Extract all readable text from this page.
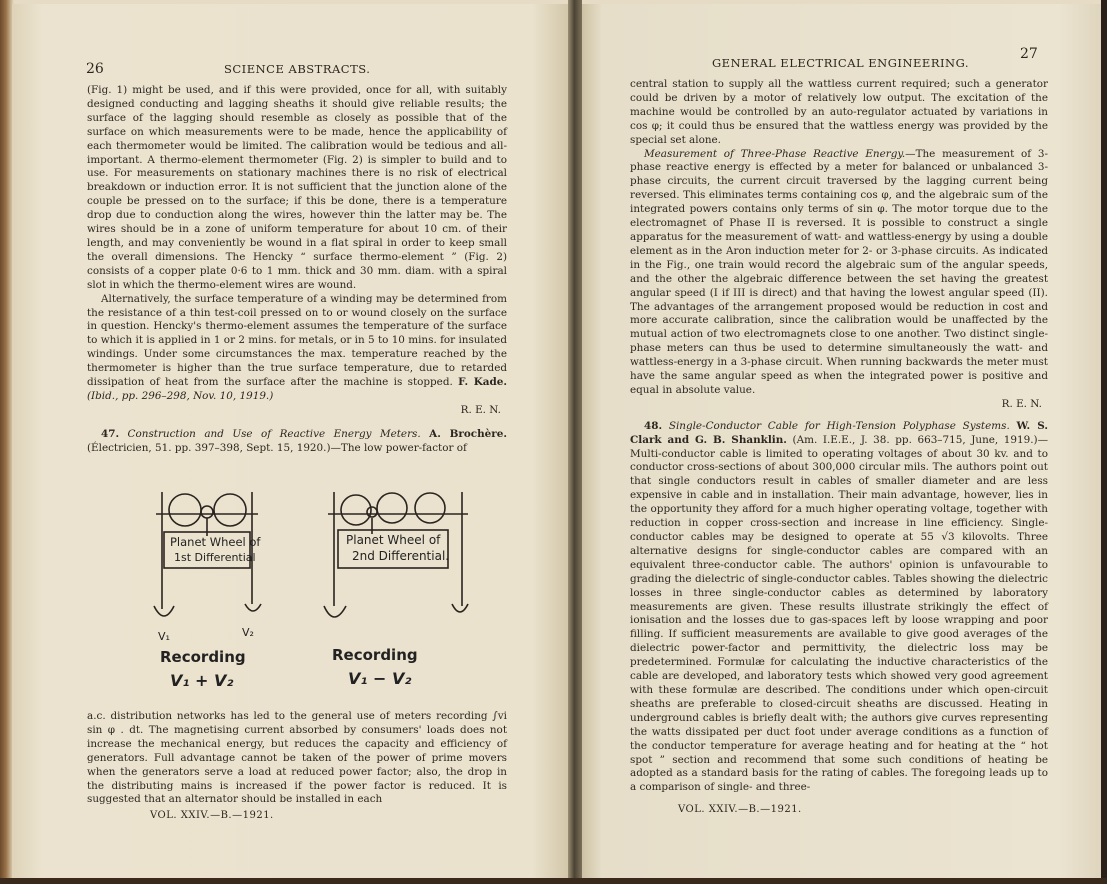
26	SCIENCE ABSTRACTS.

(Fig. 1) might be used, and if this were provided, once for all, with suitably designed conducting and lagging sheaths it should give reliable results; the surface of the lagging should resemble as closely as possible that of the surface on which measurements were to be made, hence the applicability of each thermometer would be limited. The calibration would be tedious and all-important. A thermo-element thermometer (Fig. 2) is simpler to build and to use. For measurements on stationary machines there is no risk of electrical breakdown or induction error. It is not sufficient that the junction alone of the couple be pressed on to the surface; if this be done, there is a temperature drop due to conduction along the wires, however thin the latter may be. The wires should be in a zone of uniform temperature for about 10 cm. of their length, and may conveniently be wound in a flat spiral in order to keep small the overall dimensions. The Hencky “ surface thermo-element ” (Fig. 2) consists of a copper plate 0·6 to 1 mm. thick and 30 mm. diam. with a spiral slot in which the thermo-element wires are wound.

Alternatively, the surface temperature of a winding may be determined from the resistance of a thin test-coil pressed on to or wound closely on the surface in question. Hencky's thermo-element assumes the temperature of the surface to which it is applied in 1 or 2 mins. for metals, or in 5 to 10 mins. for insulated windings. Under some circumstances the max. temperature reached by the thermometer is higher than the true surface temperature, due to retarded dissipation of heat from the surface after the machine is stopped. F. Kade. (Ibid., pp. 296–298, Nov. 10, 1919.)

R. E. N.

47. Construction and Use of Reactive Energy Meters. A. Brochère. (Électricien, 51. pp. 397–398, Sept. 15, 1920.)—The low power-factor of

Planet Wheel of
1st Differential
Planet Wheel of
2nd Differential.
V₁	V₂
Recording
V₁ + V₂
Recording
V₁ − V₂

a.c. distribution networks has led to the general use of meters recording ∫vi sin φ . dt. The magnetising current absorbed by consumers' loads does not increase the mechanical energy, but reduces the capacity and efficiency of generators. Full advantage cannot be taken of the power of prime movers when the generators serve a load at reduced power factor; also, the drop in the distributing mains is increased if the power factor is reduced. It is suggested that an alternator should be installed in each

VOL. XXIV.—B.—1921.
GENERAL ELECTRICAL ENGINEERING.
27

central station to supply all the wattless current required; such a generator could be driven by a motor of relatively low output. The excitation of the machine would be controlled by an auto-regulator actuated by variations in cos φ; it could thus be ensured that the wattless energy was provided by the special set alone.

Measurement of Three-Phase Reactive Energy.—The measurement of 3-phase reactive energy is effected by a meter for balanced or unbalanced 3-phase circuits, the current circuit traversed by the lagging current being reversed. This eliminates terms containing cos φ, and the algebraic sum of the integrated powers contains only terms of sin φ. The motor torque due to the electromagnet of Phase II is reversed. It is possible to construct a single apparatus for the measurement of watt- and wattless-energy by using a double element as in the Aron induction meter for 2- or 3-phase circuits. As indicated in the Fig., one train would record the algebraic sum of the angular speeds, and the other the algebraic difference between the set having the greatest angular speed (I if III is direct) and that having the lowest angular speed (II). The advantages of the arrangement proposed would be reduction in cost and more accurate calibration, since the calibration would be unaffected by the mutual action of two electromagnets close to one another. Two distinct single-phase meters can thus be used to determine simultaneously the watt- and wattless-energy in a 3-phase circuit. When running backwards the meter must have the same angular speed as when the integrated power is positive and equal in absolute value.

R. E. N.

48. Single-Conductor Cable for High-Tension Polyphase Systems. W. S. Clark and G. B. Shanklin. (Am. I.E.E., J. 38. pp. 663–715, June, 1919.)—Multi-conductor cable is limited to operating voltages of about 30 kv. and to conductor cross-sections of about 300,000 circular mils. The authors point out that single conductors result in cables of smaller diameter and are less expensive in cable and in installation. Their main advantage, however, lies in the opportunity they afford for a much higher operating voltage, together with reduction in copper cross-section and increase in line efficiency. Single-conductor cables may be designed to operate at 55 √3 kilovolts. Three alternative designs for single-conductor cables are compared with an equivalent three-conductor cable. The authors' opinion is unfavourable to grading the dielectric of single-conductor cables. Tables showing the dielectric losses in three single-conductor cables as determined by laboratory measurements are given. These results illustrate strikingly the effect of ionisation and the losses due to gas-spaces left by loose wrapping and poor filling. If sufficient measurements are available to give good averages of the dielectric power-factor and permittivity, the dielectric loss may be predetermined. Formulæ for calculating the inductive characteristics of the cable are developed, and laboratory tests which showed very good agreement with these formulæ are described. The conditions under which open-circuit sheaths are preferable to closed-circuit sheaths are discussed. Heating in underground cables is briefly dealt with; the authors give curves representing the watts dissipated per duct foot under average conditions as a function of the conductor temperature for average heating and for heating at the “ hot spot ” section and recommend that some such conditions of heating be adopted as a standard basis for the rating of cables. The foregoing leads up to a comparison of single- and three-

VOL. XXIV.—B.—1921.
